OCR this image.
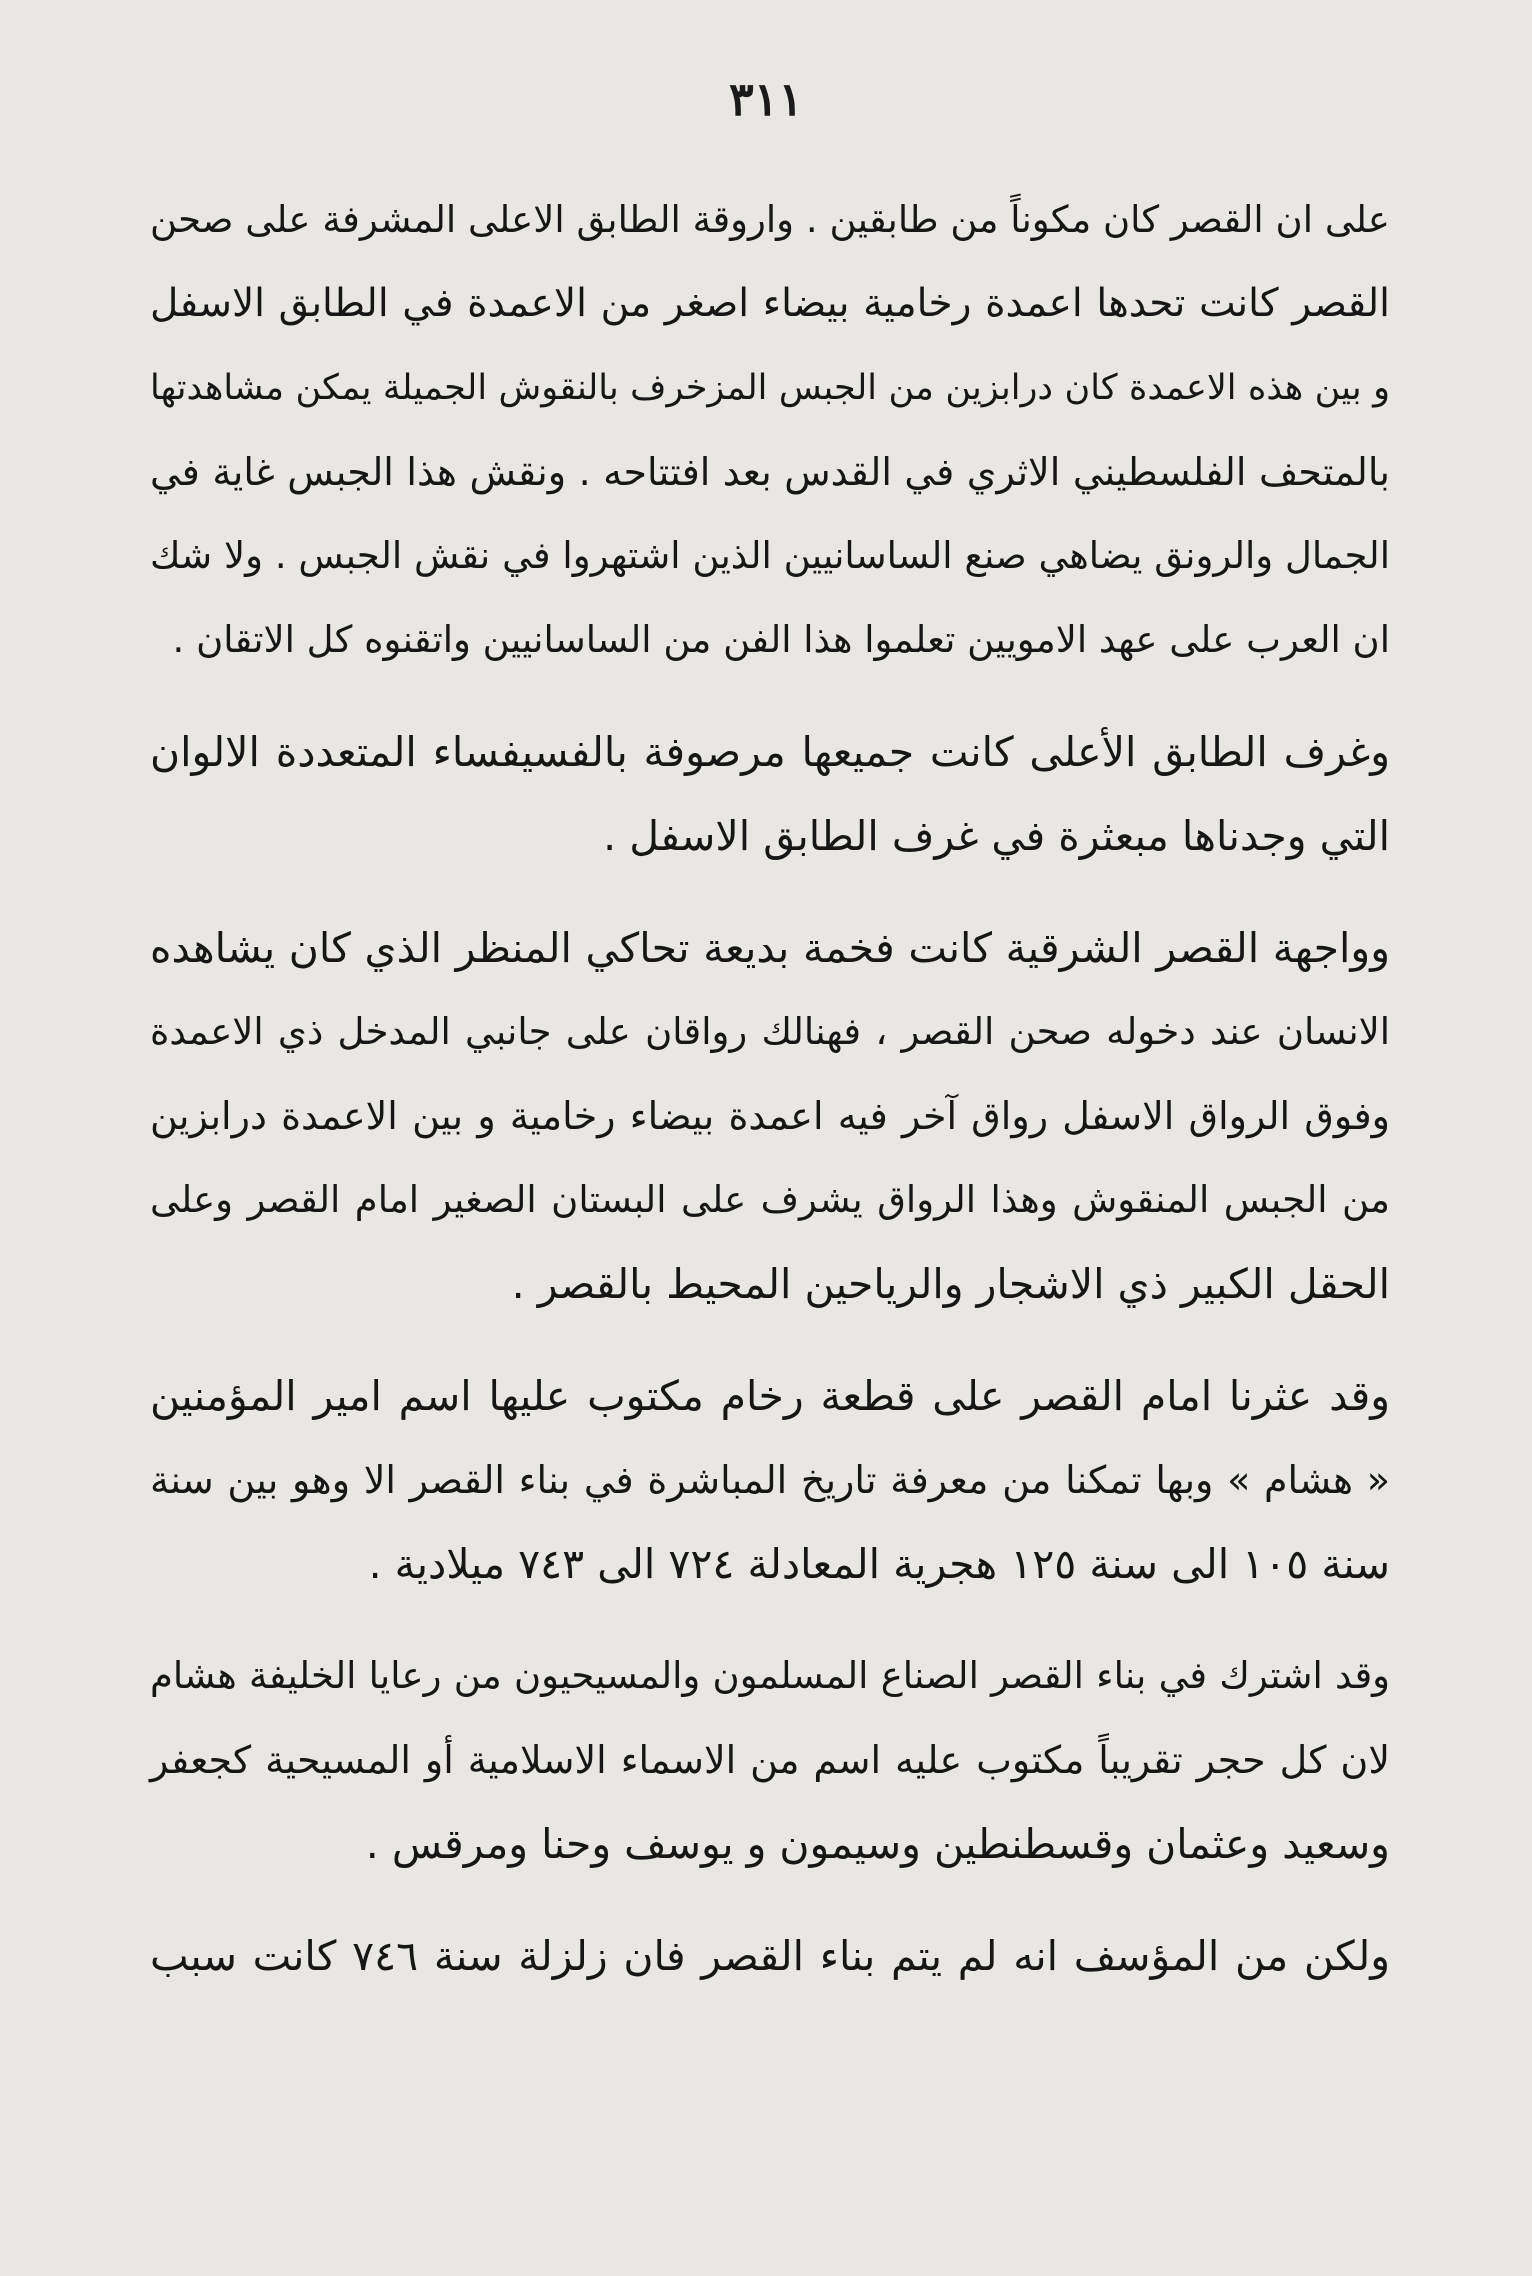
٣١١

على ان القصر كان مكوناً من طابقين . واروقة الطابق الاعلى المشرفة على صحن
القصر كانت تحدها اعمدة رخامية بيضاء اصغر من الاعمدة في الطابق الاسفل
و بين هذه الاعمدة كان درابزين من الجبس المزخرف بالنقوش الجميلة يمكن مشاهدتها
بالمتحف الفلسطيني الاثري في القدس بعد افتتاحه . ونقش هذا الجبس غاية في
الجمال والرونق يضاهي صنع الساسانيين الذين اشتهروا في نقش الجبس . ولا شك
ان العرب على عهد الامويين تعلموا هذا الفن من الساسانيين واتقنوه كل الاتقان .

وغرف الطابق الأعلى كانت جميعها مرصوفة بالفسيفساء المتعددة الالوان
التي وجدناها مبعثرة في غرف الطابق الاسفل .

وواجهة القصر الشرقية كانت فخمة بديعة تحاكي المنظر الذي كان يشاهده
الانسان عند دخوله صحن القصر ، فهنالك رواقان على جانبي المدخل ذي الاعمدة
وفوق الرواق الاسفل رواق آخر فيه اعمدة بيضاء رخامية و بين الاعمدة درابزين
من الجبس المنقوش وهذا الرواق يشرف على البستان الصغير امام القصر وعلى
الحقل الكبير ذي الاشجار والرياحين المحيط بالقصر .

وقد عثرنا امام القصر على قطعة رخام مكتوب عليها اسم امير المؤمنين
« هشام » وبها تمكنا من معرفة تاريخ المباشرة في بناء القصر الا وهو بين سنة
سنة ١٠٥ الى سنة ١٢٥ هجرية المعادلة ٧٢٤ الى ٧٤٣ ميلادية .

وقد اشترك في بناء القصر الصناع المسلمون والمسيحيون من رعايا الخليفة هشام
لان كل حجر تقريباً مكتوب عليه اسم من الاسماء الاسلامية أو المسيحية كجعفر
وسعيد وعثمان وقسطنطين وسيمون و يوسف وحنا ومرقس .

ولكن من المؤسف انه لم يتم بناء القصر فان زلزلة سنة ٧٤٦ كانت سبب
